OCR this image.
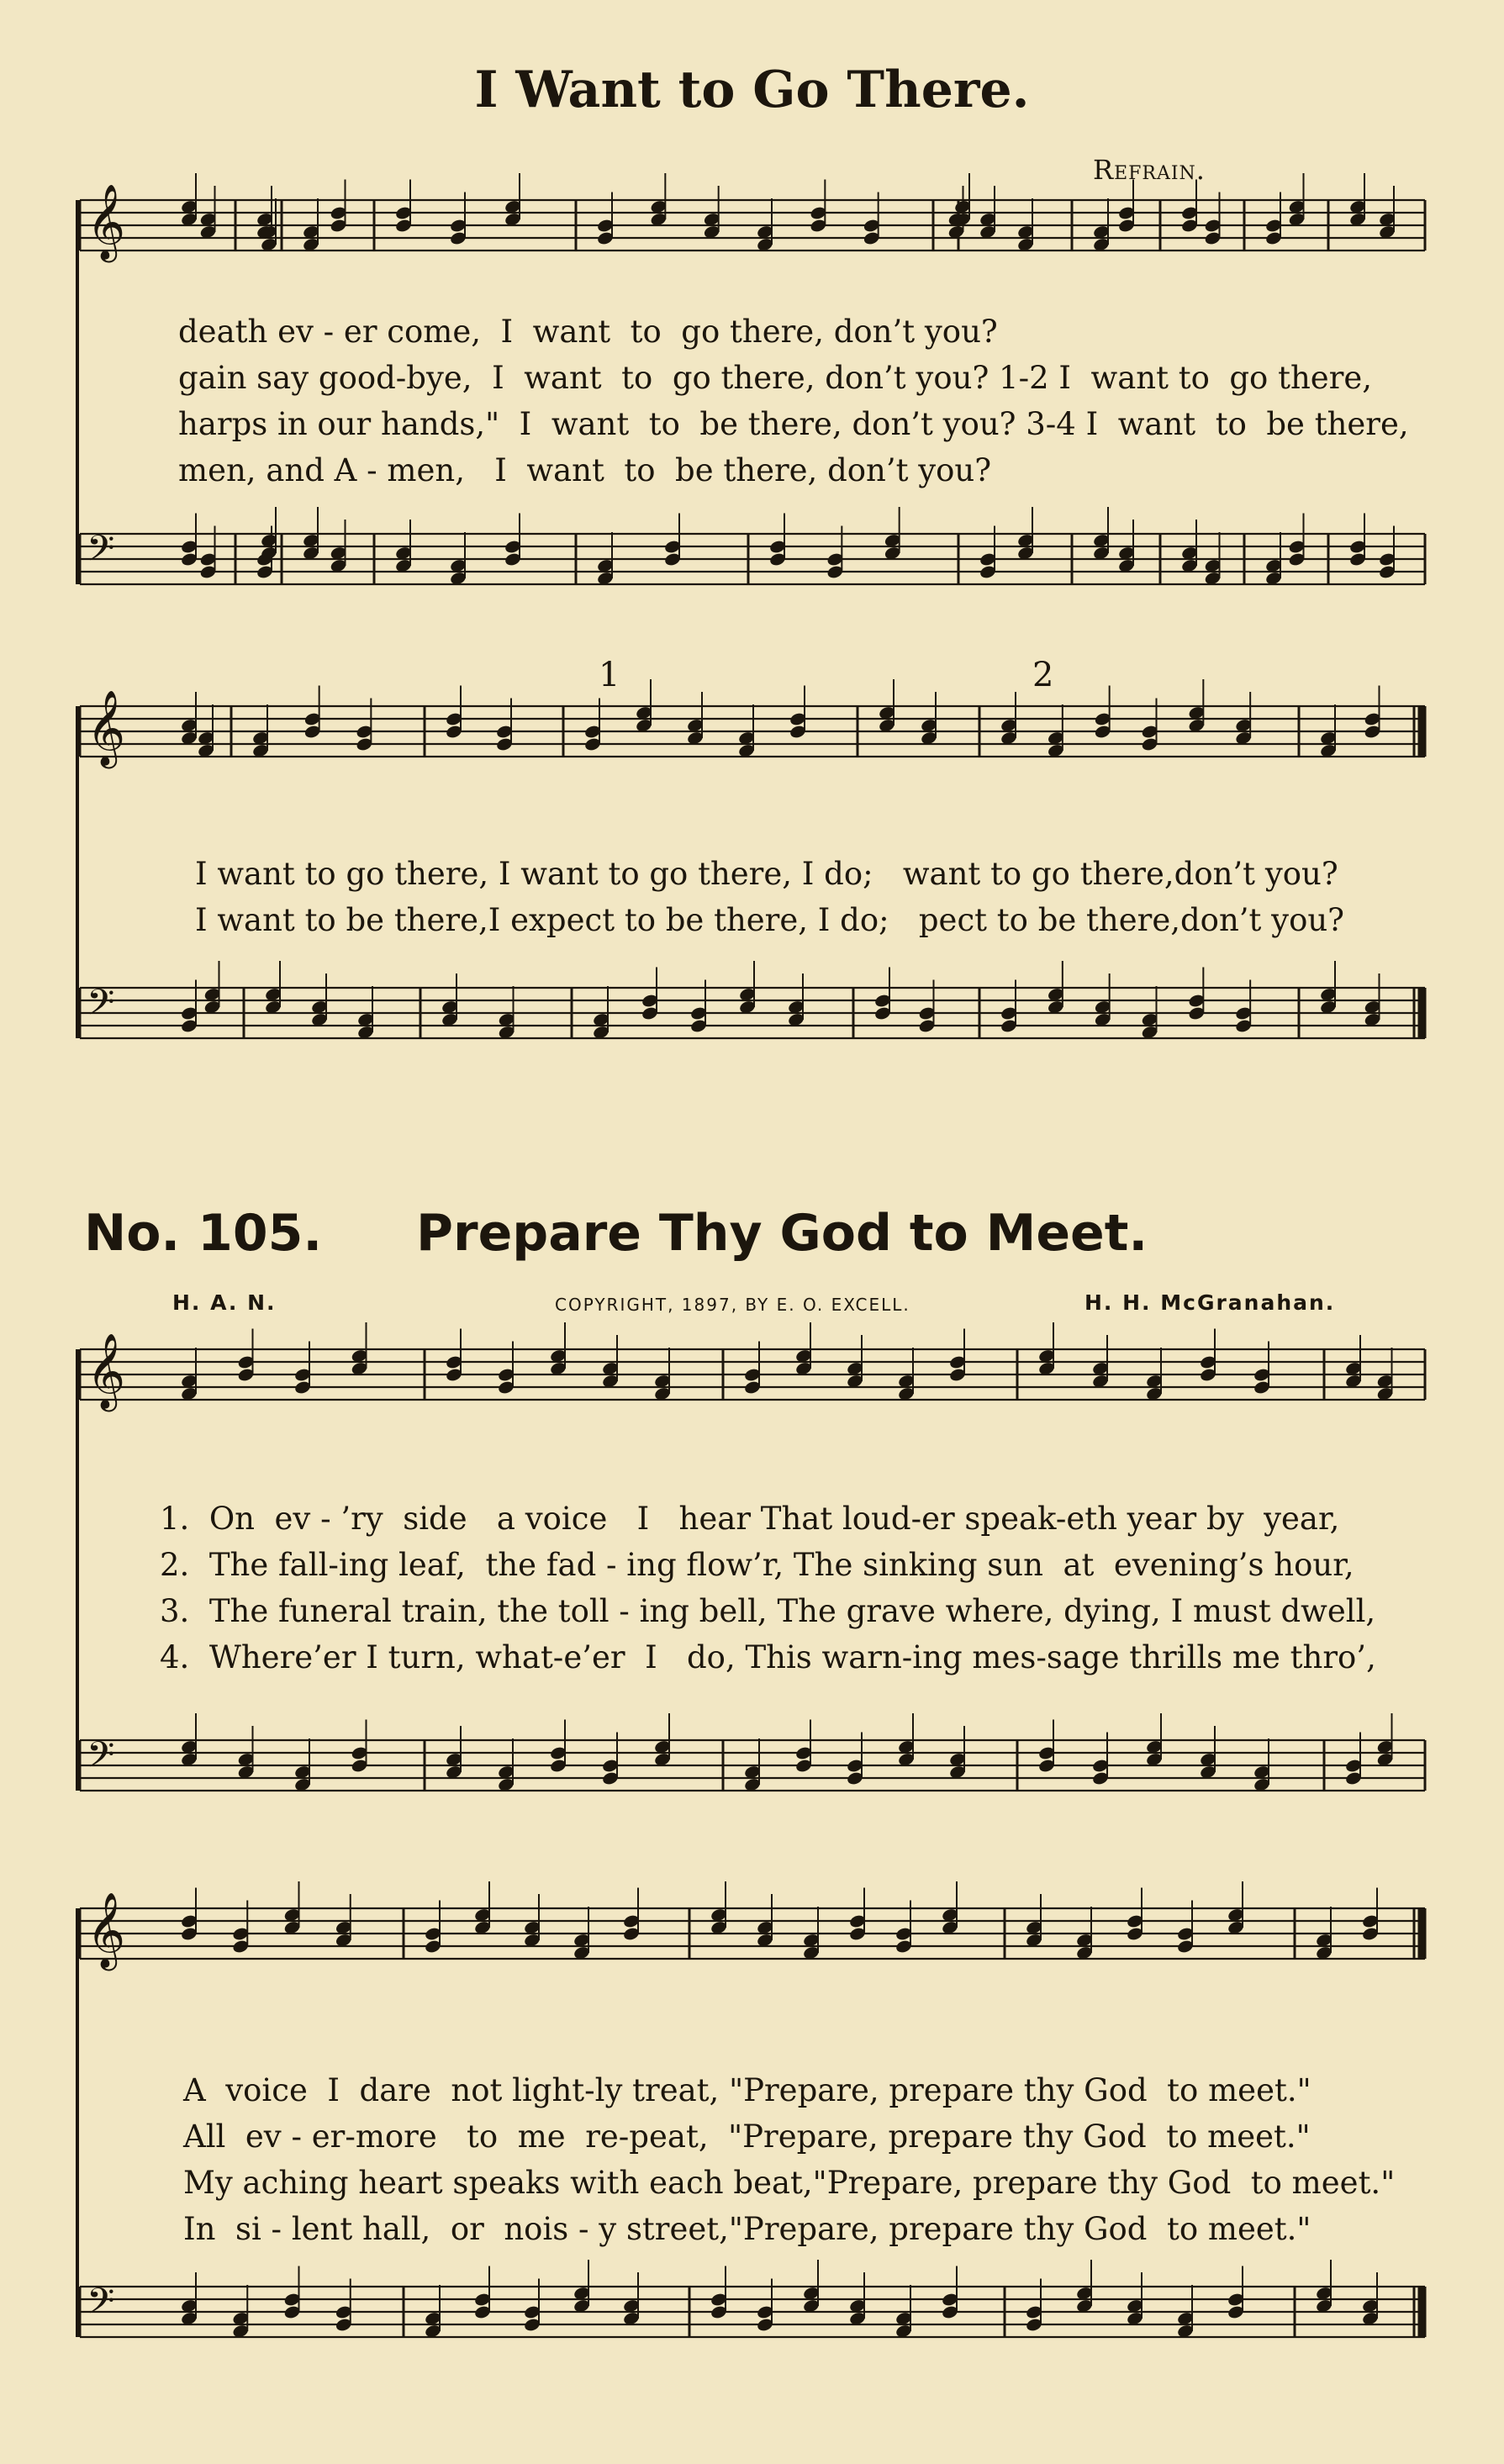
𝄞
𝄢
𝄞
𝄢
𝄞
𝄢
𝄞
𝄢
I Want to Go There.
Refrain.
death ev - er come,  I  want  to  go there, don’t you?
gain say good-bye,  I  want  to  go there, don’t you? 1-2 I  want to  go there,
harps in our hands,"  I  want  to  be there, don’t you? 3-4 I  want  to  be there,
men, and A - men,   I  want  to  be there, don’t you?
1	2
I want to go there, I want to go there, I do;   want to go there,don’t you?
I want to be there,I expect to be there, I do;   pect to be there,don’t you?
No. 105. Prepare Thy God to Meet.
H. A. N.	COPYRIGHT, 1897, BY E. O. EXCELL.	H. H. McGranahan.
1.  On  ev - ’ry  side   a voice   I   hear That loud-er speak-eth year by  year,
2.  The fall-ing leaf,  the fad - ing flow’r, The sinking sun  at  evening’s hour,
3.  The funeral train, the toll - ing bell, The grave where, dying, I must dwell,
4.  Where’er I turn, what-e’er  I   do, This warn-ing mes-sage thrills me thro’,
A  voice  I  dare  not light-ly treat, "Prepare, prepare thy God  to meet."
All  ev - er-more   to  me  re-peat,  "Prepare, prepare thy God  to meet."
My aching heart speaks with each beat,"Prepare, prepare thy God  to meet."
In  si - lent hall,  or  nois - y street,"Prepare, prepare thy God  to meet."
